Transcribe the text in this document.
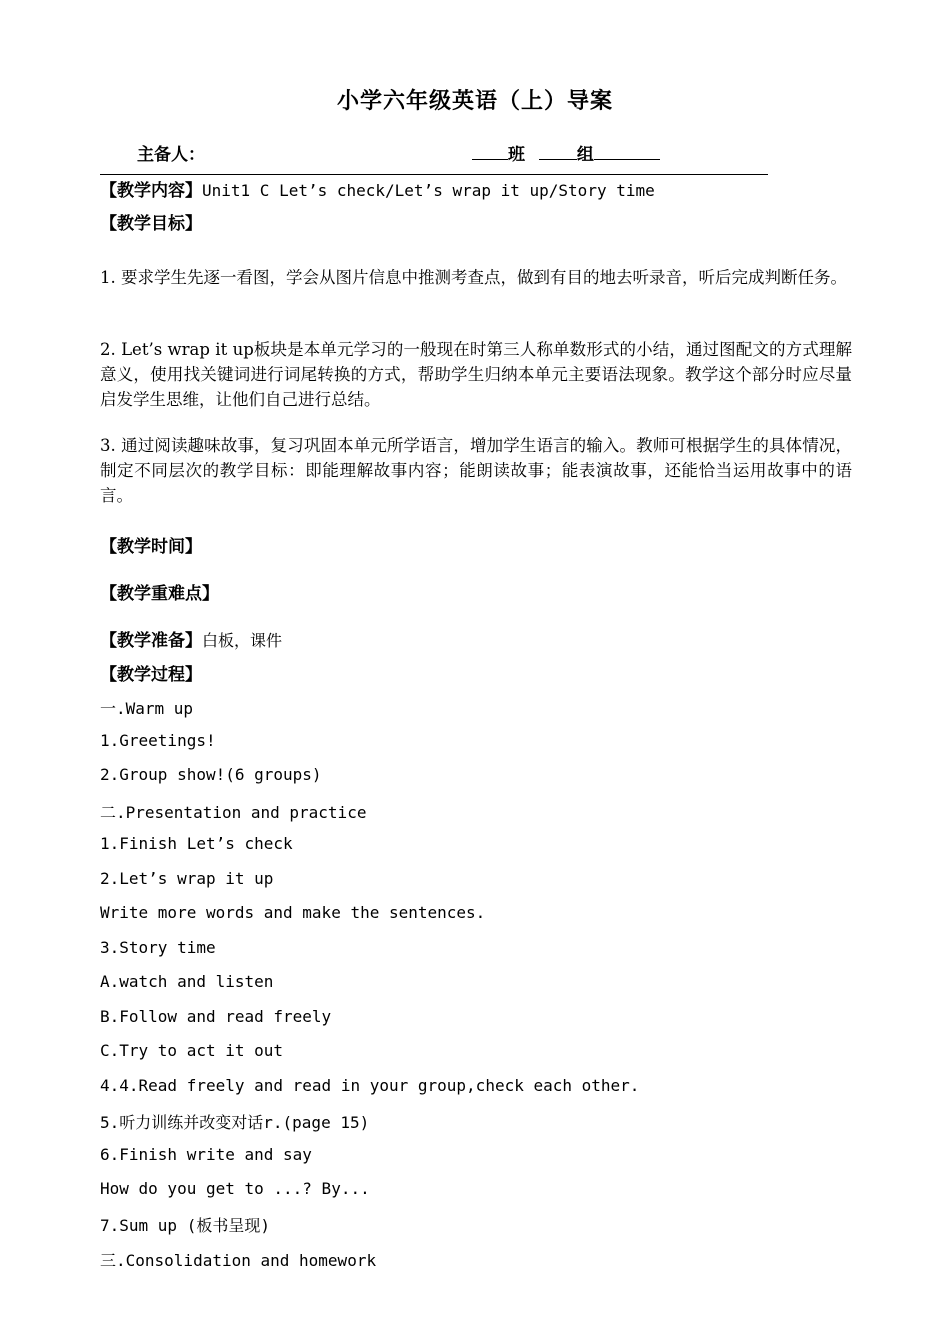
小学六年级英语（上）导案
主备人：	班	组
【教学内容】Unit1 C Let’s check/Let’s wrap it up/Story time
【教学目标】
1. 要求学生先逐一看图，学会从图片信息中推测考查点，做到有目的地去听录音，听后完成判断任务。
2. Let’s wrap it up板块是本单元学习的一般现在时第三人称单数形式的小结，通过图配文的方式理解意义，使用找关键词进行词尾转换的方式，帮助学生归纳本单元主要语法现象。教学这个部分时应尽量启发学生思维，让他们自己进行总结。
3. 通过阅读趣味故事，复习巩固本单元所学语言，增加学生语言的输入。教师可根据学生的具体情况，制定不同层次的教学目标：即能理解故事内容；能朗读故事；能表演故事，还能恰当运用故事中的语言。
【教学时间】
【教学重难点】
【教学准备】白板，课件
【教学过程】
一.Warm up
1.Greetings!
2.Group show!(6 groups)
二.Presentation and practice
1.Finish Let’s check
2.Let’s wrap it up
Write more words and make the sentences.
3.Story time
A.watch and listen
B.Follow and read freely
C.Try to act it out
4.4.Read freely and read in your group,check each other.
5.听力训练并改变对话r.(page 15)
6.Finish write and say
How do you get to ...? By...
7.Sum up (板书呈现)
三.Consolidation and homework
